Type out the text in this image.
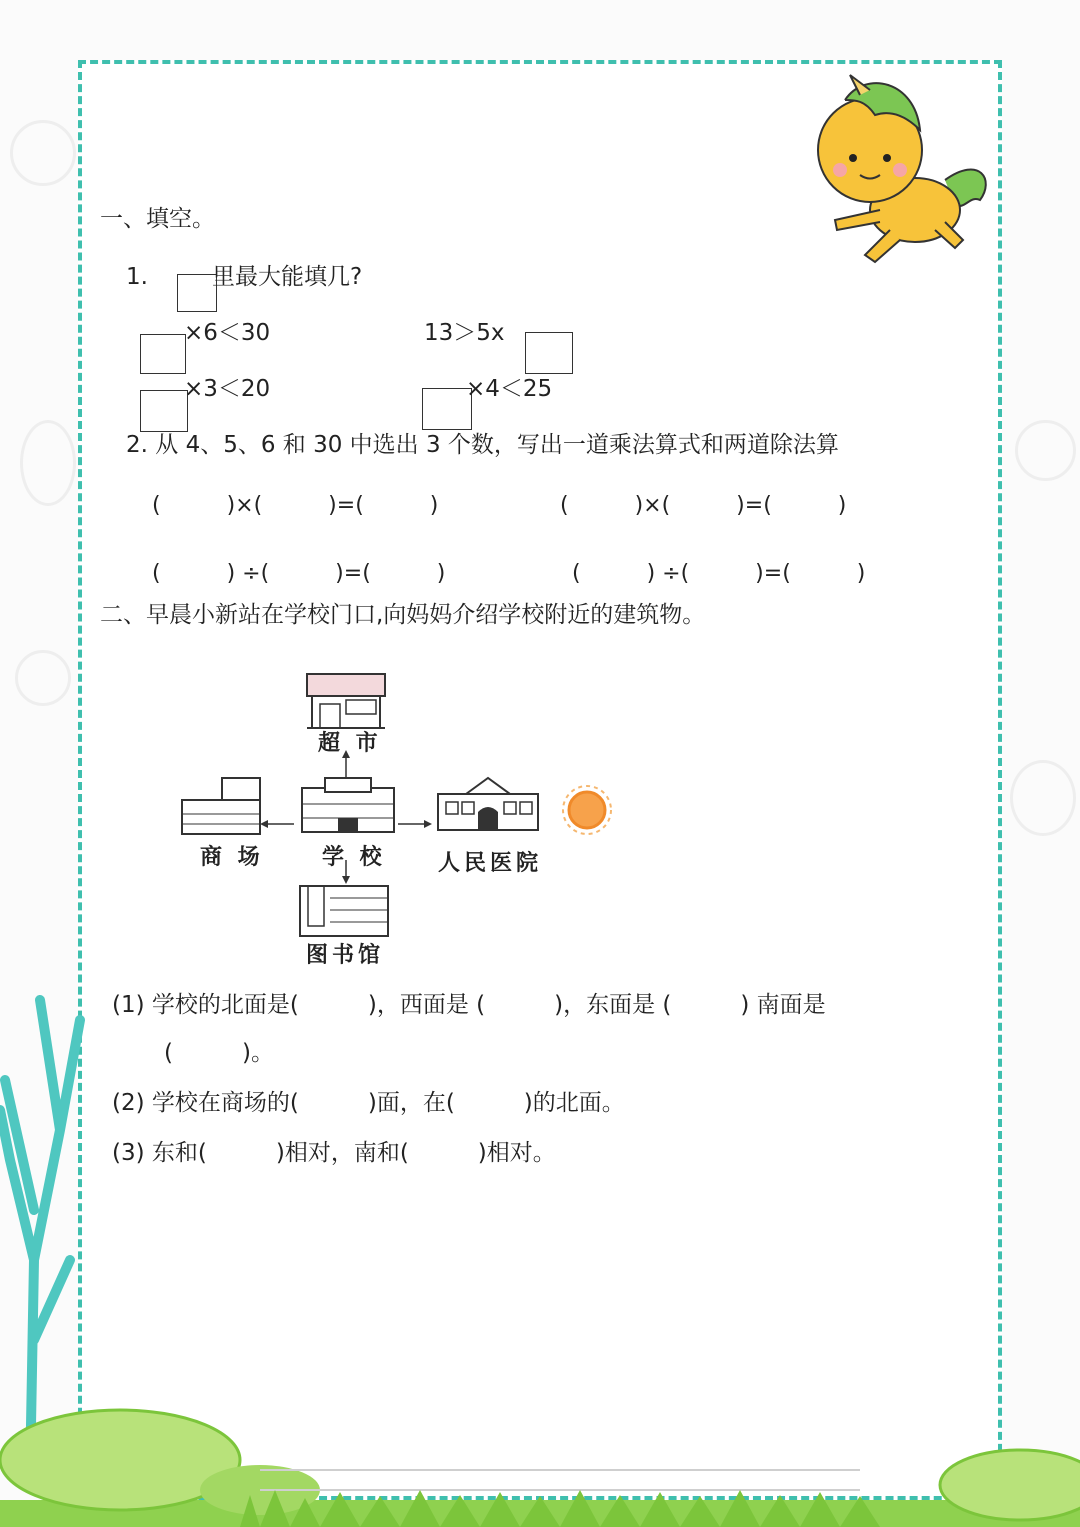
一、填空。
1.	里最大能填几?
×6＜30	13＞5x
×3＜20	×4＜25
2. 从 4、5、6 和 30 中选出 3 个数，写出一道乘法算式和两道除法算
(　　　)×(　　　)=(　　　)	(　　　)×(　　　)=(　　　)
(　　　) ÷(　　　)=(　　　)	(　　　) ÷(　　　)=(　　　)
二、早晨小新站在学校门口,向妈妈介绍学校附近的建筑物。
超 市
商 场	学 校 人民医院
图书馆
(1) 学校的北面是(　　　)，西面是 (　　　)，东面是 (　　　) 南面是
(　　　)。
(2) 学校在商场的(　　　)面，在(　　　)的北面。
(3) 东和(　　　)相对，南和(　　　)相对。
